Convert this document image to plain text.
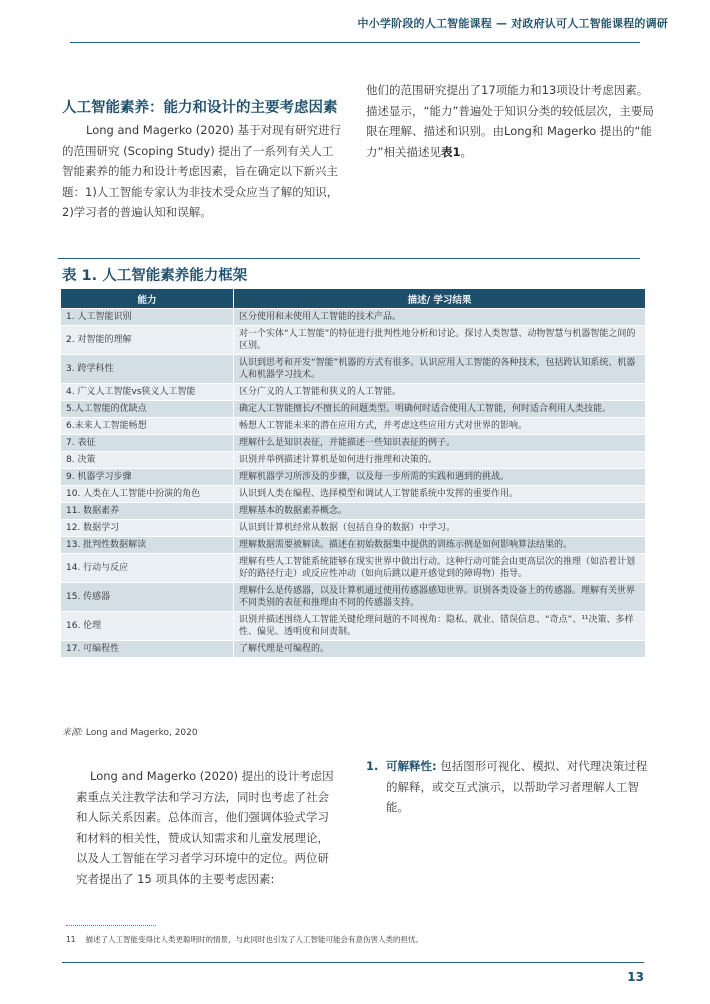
中小学阶段的人工智能课程 — 对政府认可人工智能课程的调研
人工智能素养：能力和设计的主要考虑因素
Long and Magerko (2020) 基于对现有研究进行的范围研究 (Scoping Study) 提出了一系列有关人工智能素养的能力和设计考虑因素，旨在确定以下新兴主题：1)人工智能专家认为非技术受众应当了解的知识，2)学习者的普遍认知和误解。
他们的范围研究提出了17项能力和13项设计考虑因素。描述显示，“能力”普遍处于知识分类的较低层次，主要局限在理解、描述和识别。由Long和 Magerko 提出的“能力”相关描述见表1。
表 1. 人工智能素养能力框架
能力	描述/ 学习结果
1. 人工智能识别	区分使用和未使用人工智能的技术产品。
2. 对智能的理解	对一个实体“人工智能”的特征进行批判性地分析和讨论。探讨人类智慧、动物智慧与机器智能之间的区别。
3. 跨学科性	认识到思考和开发“智能”机器的方式有很多。认识应用人工智能的各种技术，包括跨认知系统、机器人和机器学习技术。
4. 广义人工智能vs狭义人工智能	区分广义的人工智能和狭义的人工智能。
5.人工智能的优缺点	确定人工智能擅长/不擅长的问题类型。明确何时适合使用人工智能，何时适合利用人类技能。
6.未来人工智能畅想	畅想人工智能未来的潜在应用方式，并考虑这些应用方式对世界的影响。
7. 表征	理解什么是知识表征，并能描述一些知识表征的例子。
8. 决策	识别并举例描述计算机是如何进行推理和决策的。
9. 机器学习步骤	理解机器学习所涉及的步骤，以及每一步所需的实践和遇到的挑战。
10. 人类在人工智能中扮演的角色	认识到人类在编程、选择模型和调试人工智能系统中发挥的重要作用。
11. 数据素养	理解基本的数据素养概念。
12. 数据学习	认识到计算机经常从数据（包括自身的数据）中学习。
13. 批判性数据解读	理解数据需要被解读。描述在初始数据集中提供的训练示例是如何影响算法结果的。
14. 行动与反应	理解有些人工智能系统能够在现实世界中做出行动。这种行动可能会由更高层次的推理（如沿着计划好的路径行走）或反应性冲动（如向后跳以避开感觉到的障碍物）指导。
15. 传感器	理解什么是传感器，以及计算机通过使用传感器感知世界。识别各类设备上的传感器。理解有关世界不同类别的表征和推理由不同的传感器支持。
16. 伦理	识别并描述围绕人工智能关键伦理问题的不同视角：隐私、就业、错误信息、“奇点”、¹¹决策、多样性、偏见、透明度和问责制。
17. 可编程性	了解代理是可编程的。
来源: Long and Magerko, 2020
Long and Magerko (2020) 提出的设计考虑因素重点关注教学法和学习方法，同时也考虑了社会和人际关系因素。总体而言，他们强调体验式学习和材料的相关性，赞成认知需求和儿童发展理论，以及人工智能在学习者学习环境中的定位。两位研究者提出了 15 项具体的主要考虑因素:
1. 可解释性: 包括图形可视化、模拟、对代理决策过程的解释，或交互式演示，以帮助学习者理解人工智能。
11 描述了人工智能变得比人类更聪明时的情景，与此同时也引发了人工智能可能会有意伤害人类的担忧。
13
